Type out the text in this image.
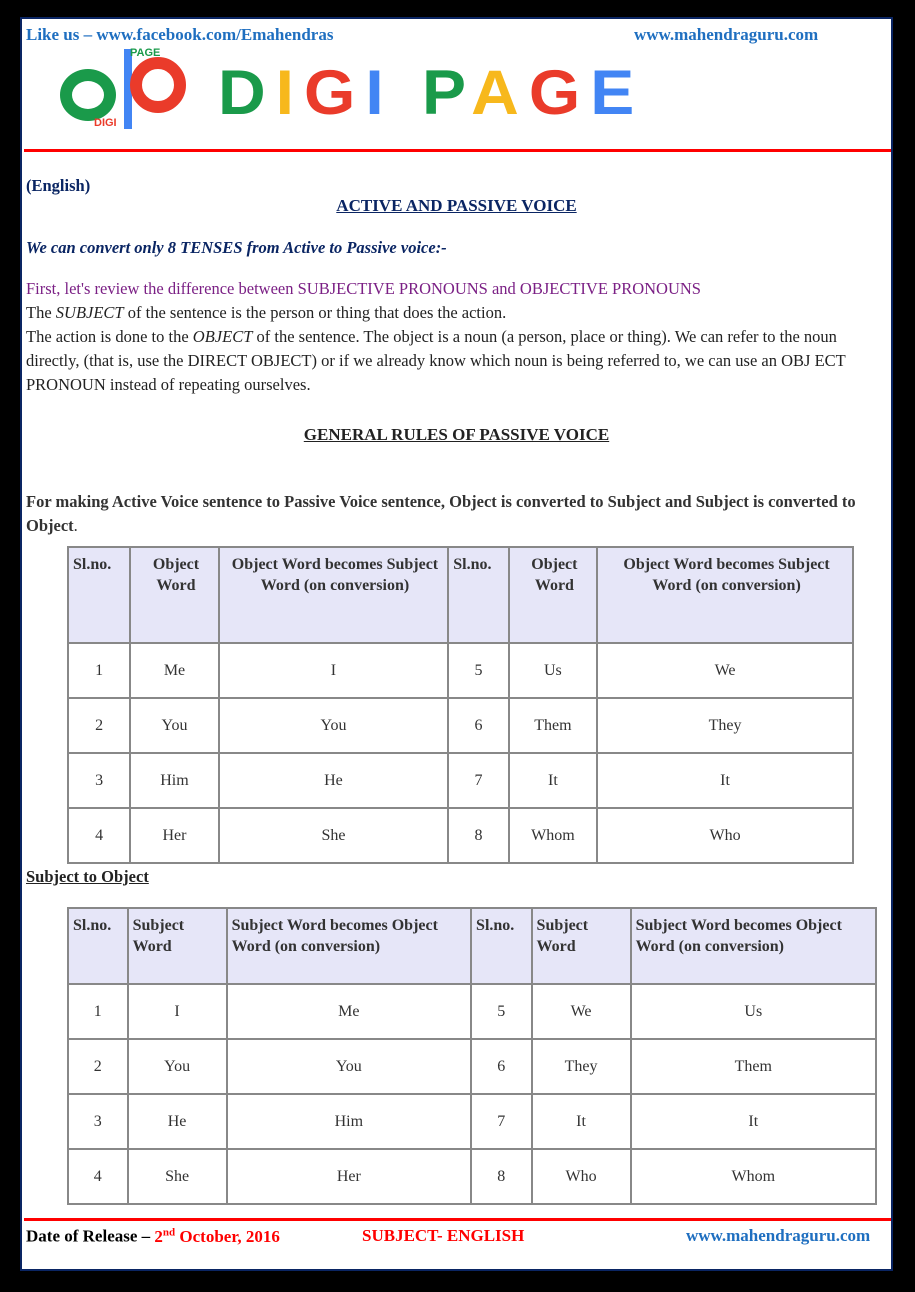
Like us – www.facebook.com/Emahendras	www.mahendraguru.com
PAGE
DIGI DIGI PAGE
(English)
ACTIVE AND PASSIVE VOICE
We can convert only 8 TENSES from Active to Passive voice:-

First, let's review the difference between SUBJECTIVE PRONOUNS and OBJECTIVE PRONOUNS

The SUBJECT of the sentence is the person or thing that does the action.

The action is done to the OBJECT of the sentence. The object is a noun (a person, place or thing). We can refer to the noun directly, (that is, use the DIRECT OBJECT) or if we already know which noun is being referred to, we can use an OBJ ECT PRONOUN instead of repeating ourselves.

GENERAL RULES OF PASSIVE VOICE
For making Active Voice sentence to Passive Voice sentence, Object is converted to Subject and Subject is converted to Object.
Sl.no.	Object Word	Object Word becomes Subject Word (on conversion)	Sl.no.	Object Word	Object Word becomes Subject Word (on conversion)
1	Me	I	5	Us	We
2	You	You	6	Them	They
3	Him	He	7	It	It
4	Her	She	8	Whom	Who
Subject to Object
Sl.no.	Subject Word	Subject Word becomes Object Word (on conversion)	Sl.no.	Subject Word	Subject Word becomes Object Word (on conversion)
1	I	Me	5	We	Us
2	You	You	6	They	Them
3	He	Him	7	It	It
4	She	Her	8	Who	Whom
Date of Release – 2nd October, 2016	SUBJECT- ENGLISH	www.mahendraguru.com
